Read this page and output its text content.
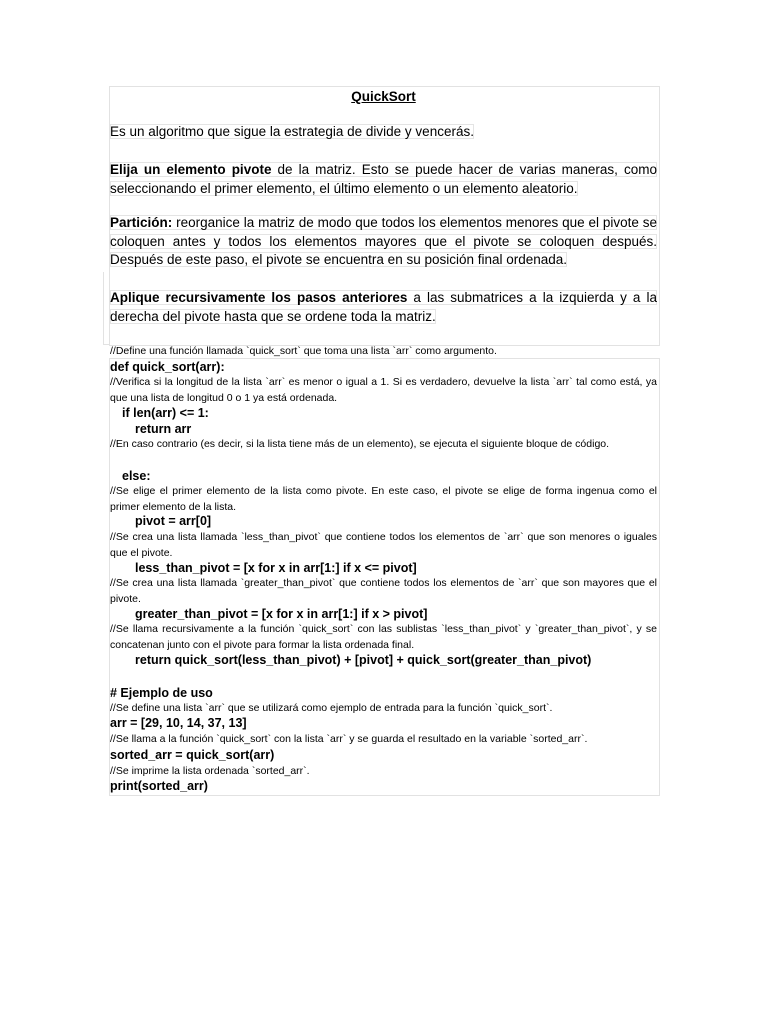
QuickSort
Es un algoritmo que sigue la estrategia de divide y vencerás.
Elija un elemento pivote de la matriz. Esto se puede hacer de varias maneras, como seleccionando el primer elemento, el último elemento o un elemento aleatorio.
Partición: reorganice la matriz de modo que todos los elementos menores que el pivote se coloquen antes y todos los elementos mayores que el pivote se coloquen después. Después de este paso, el pivote se encuentra en su posición final ordenada.
Aplique recursivamente los pasos anteriores a las submatrices a la izquierda y a la derecha del pivote hasta que se ordene toda la matriz.
//Define una función llamada `quick_sort` que toma una lista `arr` como argumento.
def quick_sort(arr):
//Verifica si la longitud de la lista `arr` es menor o igual a 1. Si es verdadero, devuelve la lista `arr` tal como está, ya que una lista de longitud 0 o 1 ya está ordenada.
if len(arr) <= 1:
return arr
//En caso contrario (es decir, si la lista tiene más de un elemento), se ejecuta el siguiente bloque de código.
else:
//Se elige el primer elemento de la lista como pivote. En este caso, el pivote se elige de forma ingenua como el primer elemento de la lista.
pivot = arr[0]
//Se crea una lista llamada `less_than_pivot` que contiene todos los elementos de `arr` que son menores o iguales que el pivote.
less_than_pivot = [x for x in arr[1:] if x <= pivot]
//Se crea una lista llamada `greater_than_pivot` que contiene todos los elementos de `arr` que son mayores que el pivote.
greater_than_pivot = [x for x in arr[1:] if x > pivot]
//Se llama recursivamente a la función `quick_sort` con las sublistas `less_than_pivot` y `greater_than_pivot`, y se concatenan junto con el pivote para formar la lista ordenada final.
return quick_sort(less_than_pivot) + [pivot] + quick_sort(greater_than_pivot)
# Ejemplo de uso
//Se define una lista `arr` que se utilizará como ejemplo de entrada para la función `quick_sort`.
arr = [29, 10, 14, 37, 13]
//Se llama a la función `quick_sort` con la lista `arr` y se guarda el resultado en la variable `sorted_arr`.
sorted_arr = quick_sort(arr)
//Se imprime la lista ordenada `sorted_arr`.
print(sorted_arr)
